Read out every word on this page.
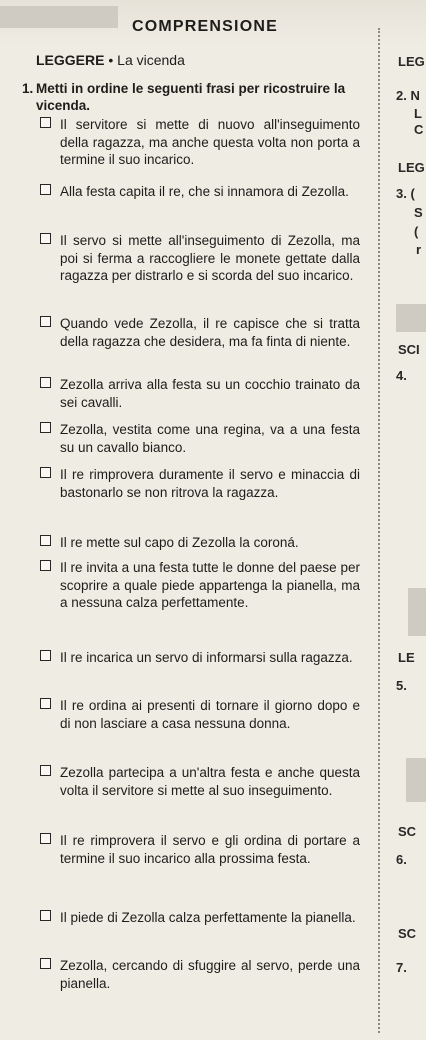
COMPRENSIONE
LEGGERE • La vicenda
1. Metti in ordine le seguenti frasi per ricostruire la vicenda.
Il servitore si mette di nuovo all'inseguimento della ragazza, ma anche questa volta non porta a termine il suo incarico.
Alla festa capita il re, che si innamora di Zezolla.
Il servo si mette all'inseguimento di Zezolla, ma poi si ferma a raccogliere le monete gettate dalla ragazza per distrarlo e si scorda del suo incarico.
Quando vede Zezolla, il re capisce che si tratta della ragazza che desidera, ma fa finta di niente.
Zezolla arriva alla festa su un cocchio trainato da sei cavalli.
Zezolla, vestita come una regina, va a una festa su un cavallo bianco.
Il re rimprovera duramente il servo e minaccia di bastonarlo se non ritrova la ragazza.
Il re mette sul capo di Zezolla la coroná.
Il re invita a una festa tutte le donne del paese per scoprire a quale piede appartenga la pianella, ma a nessuna calza perfettamente.
Il re incarica un servo di informarsi sulla ragazza.
Il re ordina ai presenti di tornare il giorno dopo e di non lasciare a casa nessuna donna.
Zezolla partecipa a un'altra festa e anche questa volta il servitore si mette al suo inseguimento.
Il re rimprovera il servo e gli ordina di portare a termine il suo incarico alla prossima festa.
Il piede di Zezolla calza perfettamente la pianella.
Zezolla, cercando di sfuggire al servo, perde una pianella.
LEG
2. N
L
C
LEG
3. (
S
(
r
SCI
4.
LE
5.
SC
6.
SC
7.
